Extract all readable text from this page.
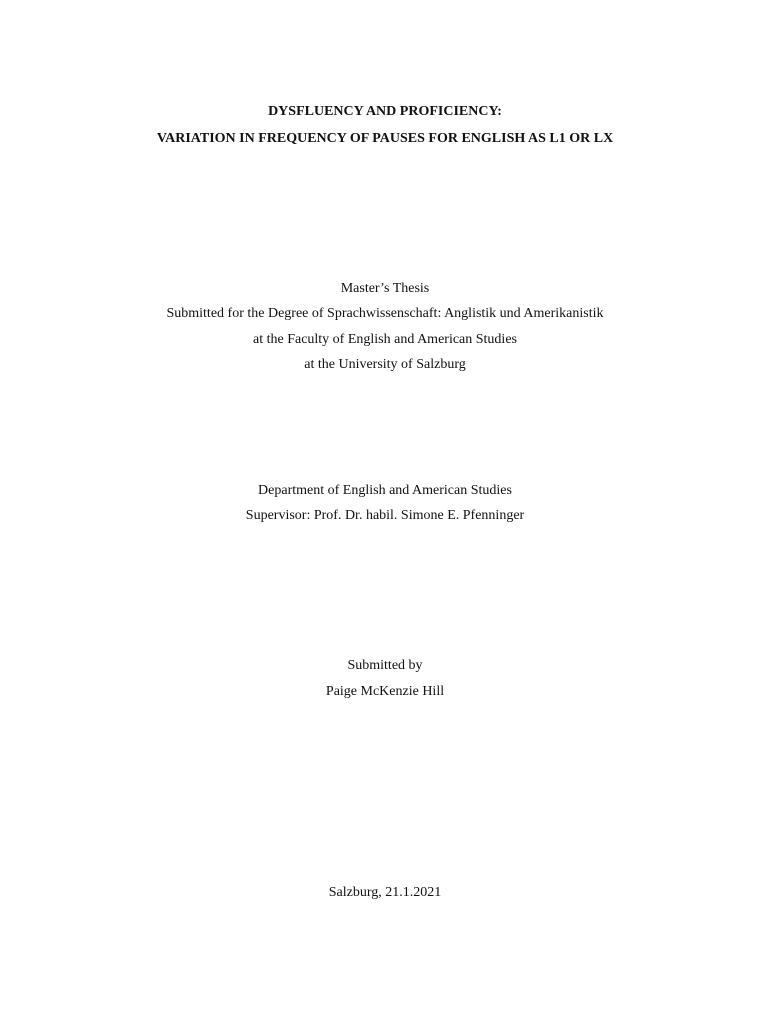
DYSFLUENCY AND PROFICIENCY:
VARIATION IN FREQUENCY OF PAUSES FOR ENGLISH AS L1 OR LX
Master’s Thesis
Submitted for the Degree of Sprachwissenschaft: Anglistik und Amerikanistik
at the Faculty of English and American Studies
at the University of Salzburg
Department of English and American Studies
Supervisor: Prof. Dr. habil. Simone E. Pfenninger
Submitted by
Paige McKenzie Hill
Salzburg, 21.1.2021
